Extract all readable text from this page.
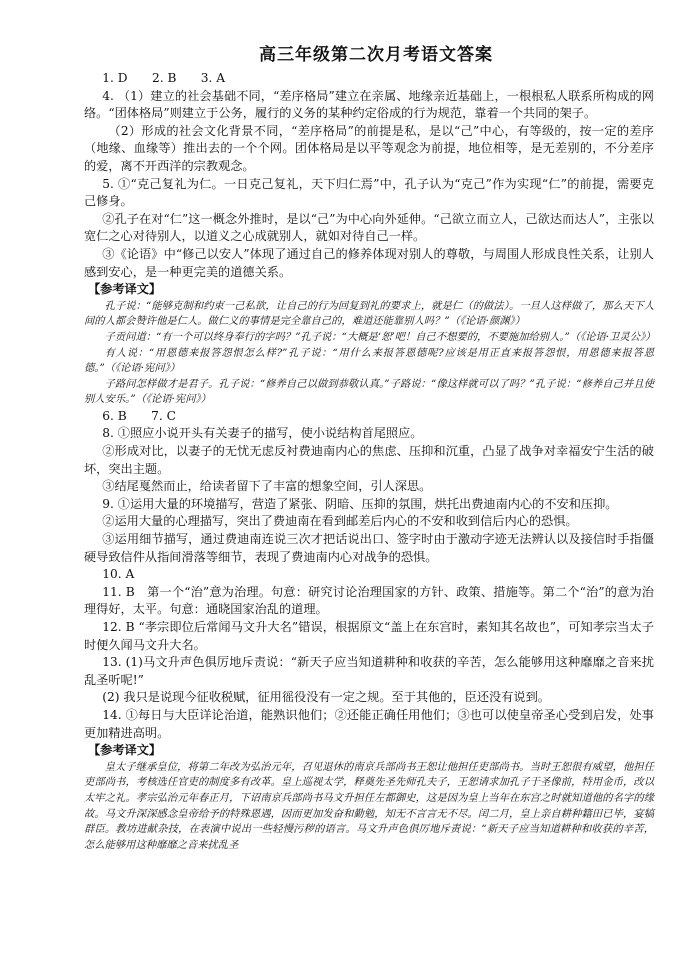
高三年级第二次月考语文答案

1. D　　2. B　　3. A

4. （1）建立的社会基础不同，“差序格局”建立在亲属、地缘亲近基础上，一根根私人联系所构成的网络。“团体格局”则建立于公务，履行的义务的某种约定俗成的行为规范，靠着一个共同的架子。

（2）形成的社会文化背景不同，“差序格局”的前提是私，是以“己”中心，有等级的，按一定的差序（地缘、血缘等）推出去的一个个网。团体格局是以平等观念为前提，地位相等，是无差别的，不分差序的爱，离不开西洋的宗教观念。

5. ①“克己复礼为仁。一日克己复礼，天下归仁焉”中，孔子认为“克己”作为实现“仁”的前提，需要克己修身。

②孔子在对“仁”这一概念外推时，是以“己”为中心向外延伸。“己欲立而立人，己欲达而达人”，主张以宽仁之心对待别人，以道义之心成就别人，就如对待自己一样。

③《论语》中“修己以安人”体现了通过自己的修养体现对别人的尊敬，与周围人形成良性关系，让别人感到安心，是一种更完美的道德关系。

【参考译文】

孔子说：“能够克制和约束一己私欲，让自己的行为回复到礼的要求上，就是仁（的做法）。一旦人这样做了，那么天下人间的人都会赞许他是仁人。做仁义的事情是完全靠自己的，难道还能靠别人吗？”（《论语·颜渊》）

子贡问道：“有一个可以终身奉行的字吗？”孔子说：“大概是‘恕’吧！自己不想要的，不要施加给别人。”（《论语·卫灵公》）

有人说：“用恩德来报答怨恨怎么样?”孔子说：“用什么来报答恩德呢?应该是用正直来报答怨恨，用恩德来报答恩德。”（《论语·宪问》）

子路问怎样做才是君子。孔子说：“修养自己以做到恭敬认真。”子路说：“像这样就可以了吗？”孔子说：“修养自己并且使别人安乐。”（《论语·宪问》）

6. B　　7. C

8. ①照应小说开头有关妻子的描写，使小说结构首尾照应。

②形成对比，以妻子的无忧无虑反衬费迪南内心的焦虑、压抑和沉重，凸显了战争对幸福安宁生活的破坏，突出主题。

③结尾戛然而止，给读者留下了丰富的想象空间，引人深思。

9. ①运用大量的环境描写，营造了紧张、阴暗、压抑的氛围，烘托出费迪南内心的不安和压抑。

②运用大量的心理描写，突出了费迪南在看到邮差后内心的不安和收到信后内心的恐惧。

③运用细节描写，通过费迪南连说三次才把话说出口、签字时由于激动字迹无法辨认以及接信时手指僵硬导致信件从指间滑落等细节，表现了费迪南内心对战争的恐惧。

10. A

11. B　第一个“治”意为治理。句意：研究讨论治理国家的方针、政策、措施等。第二个“治”的意为治理得好，太平。句意：通晓国家治乱的道理。

12. B “孝宗即位后常闻马文升大名”错误，根据原文“盖上在东宫时，素知其名故也”，可知孝宗当太子时便久闻马文升大名。

13. (1)马文升声色俱厉地斥责说：“新天子应当知道耕种和收获的辛苦，怎么能够用这种靡靡之音来扰乱圣听呢!”

(2) 我只是说现今征收税赋，征用徭役没有一定之规。至于其他的，臣还没有说到。

14. ①每日与大臣详论治道，能熟识他们；②还能正确任用他们；③也可以使皇帝圣心受到启发，处事更加精进高明。

【参考译文】

皇太子继承皇位，将第二年改为弘治元年，召见退休的南京兵部尚书王恕让他担任吏部尚书。当时王恕很有威望，他担任吏部尚书，考核选任官吏的制度多有改革。皇上巡视太学，释奠先圣先师孔夫子，王恕请求加孔子于圣像前，特用金币，改以太牢之礼。孝宗弘治元年春正月，下诏南京兵部尚书马文升担任左都御史，这是因为皇上当年在东宫之时就知道他的名字的缘故。马文升深深感念皇帝给予的特殊恩遇，因而更加发奋和勤勉，知无不言言无不尽。闰二月，皇上亲自耕种籍田已毕，宴犒群臣。教坊进献杂技，在表演中说出一些轻慢污秽的语言。马文升声色俱厉地斥责说：“新天子应当知道耕种和收获的辛苦，怎么能够用这种靡靡之音来扰乱圣
